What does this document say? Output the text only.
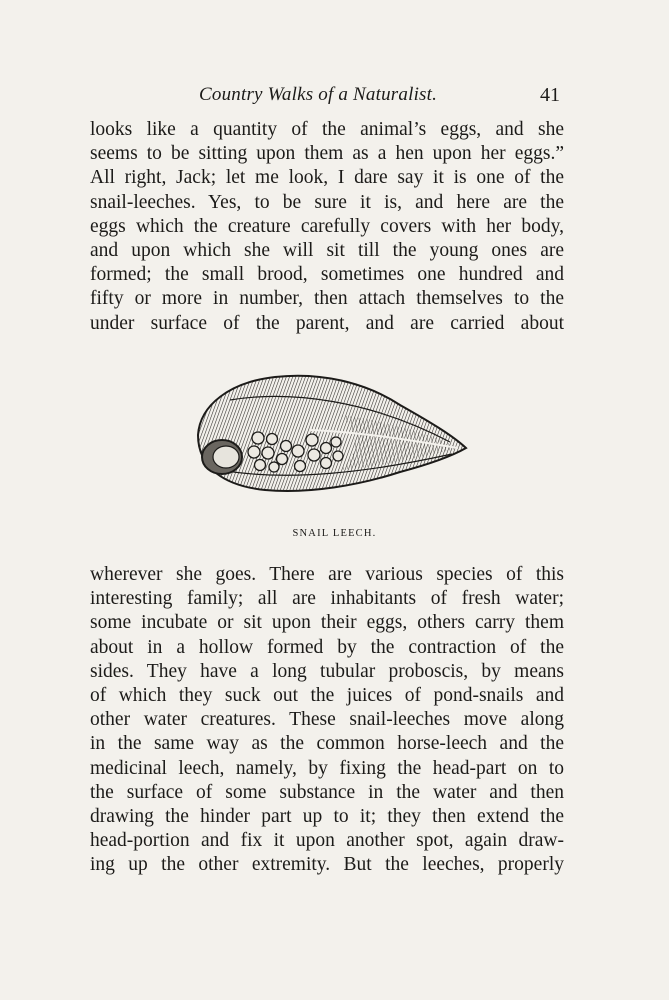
Country Walks of a Naturalist.	41
looks like a quantity of the animal’s eggs, and she
seems to be sitting upon them as a hen upon her eggs.”
All right, Jack; let me look, I dare say it is one of the
snail-leeches. Yes, to be sure it is, and here are the
eggs which the creature carefully covers with her body,
and upon which she will sit till the young ones are
formed; the small brood, sometimes one hundred and
fifty or more in number, then attach themselves to the
under surface of the parent, and are carried about
SNAIL LEECH.
wherever she goes. There are various species of this
interesting family; all are inhabitants of fresh water;
some incubate or sit upon their eggs, others carry them
about in a hollow formed by the contraction of the
sides. They have a long tubular proboscis, by means
of which they suck out the juices of pond-snails and
other water creatures. These snail-leeches move along
in the same way as the common horse-leech and the
medicinal leech, namely, by fixing the head-part on to
the surface of some substance in the water and then
drawing the hinder part up to it; they then extend the
head-portion and fix it upon another spot, again draw-
ing up the other extremity. But the leeches, properly
